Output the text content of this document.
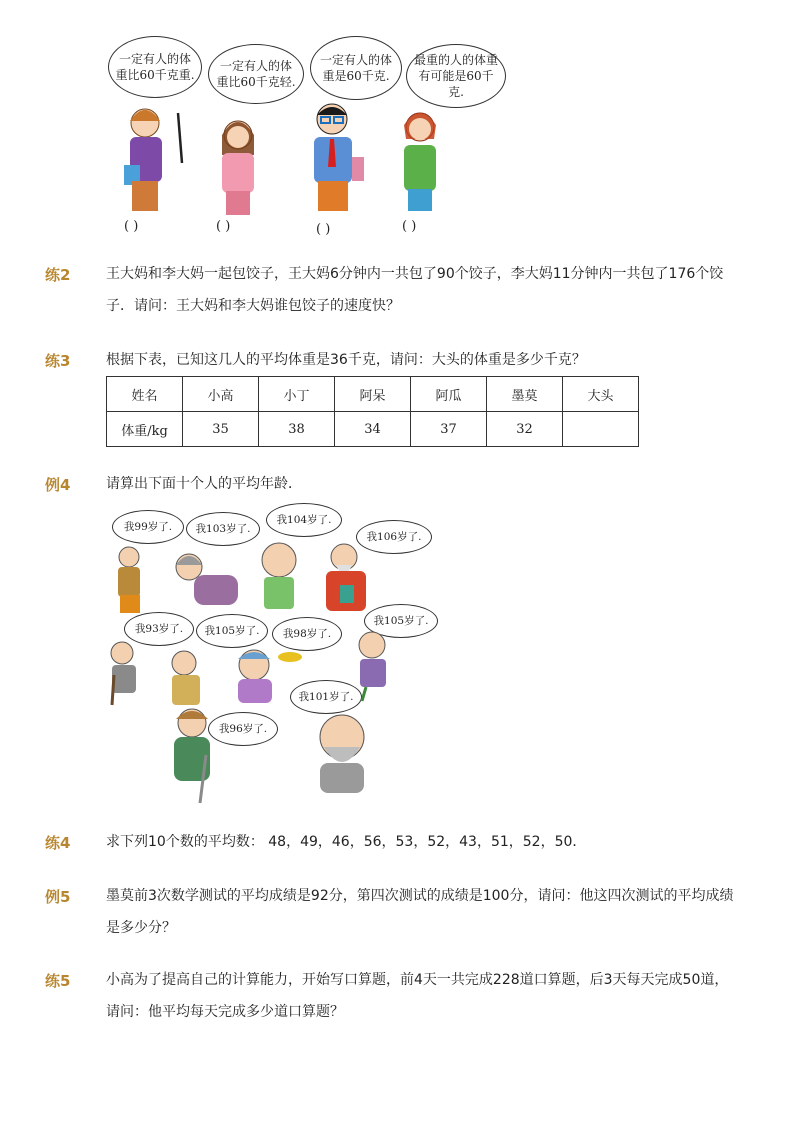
一定有人的体重比60千克重.
一定有人的体重比60千克轻.
一定有人的体重是60千克.
最重的人的体重有可能是60千克.
( )	( )	( )	( )
练2	王大妈和李大妈一起包饺子，王大妈6分钟内一共包了90个饺子，李大妈11分钟内一共包了176个饺子．请问：王大妈和李大妈谁包饺子的速度快？
练3	根据下表，已知这几人的平均体重是36千克，请问：大头的体重是多少千克？
姓名	小高	小丁	阿呆	阿瓜	墨莫	大头
体重/kg	35	38	34	37	32	
例4	请算出下面十个人的平均年龄．
我99岁了.	我103岁了.
我104岁了.
我106岁了.
我93岁了.	我105岁了.	我98岁了.
我105岁了.
我101岁了.
我96岁了.
练4	求下列10个数的平均数： 48，49，46，56，53，52，43，51，52，50．
例5	墨莫前3次数学测试的平均成绩是92分，第四次测试的成绩是100分，请问：他这四次测试的平均成绩是多少分？
练5	小高为了提高自己的计算能力，开始写口算题，前4天一共完成228道口算题，后3天每天完成50道，请问：他平均每天完成多少道口算题？
